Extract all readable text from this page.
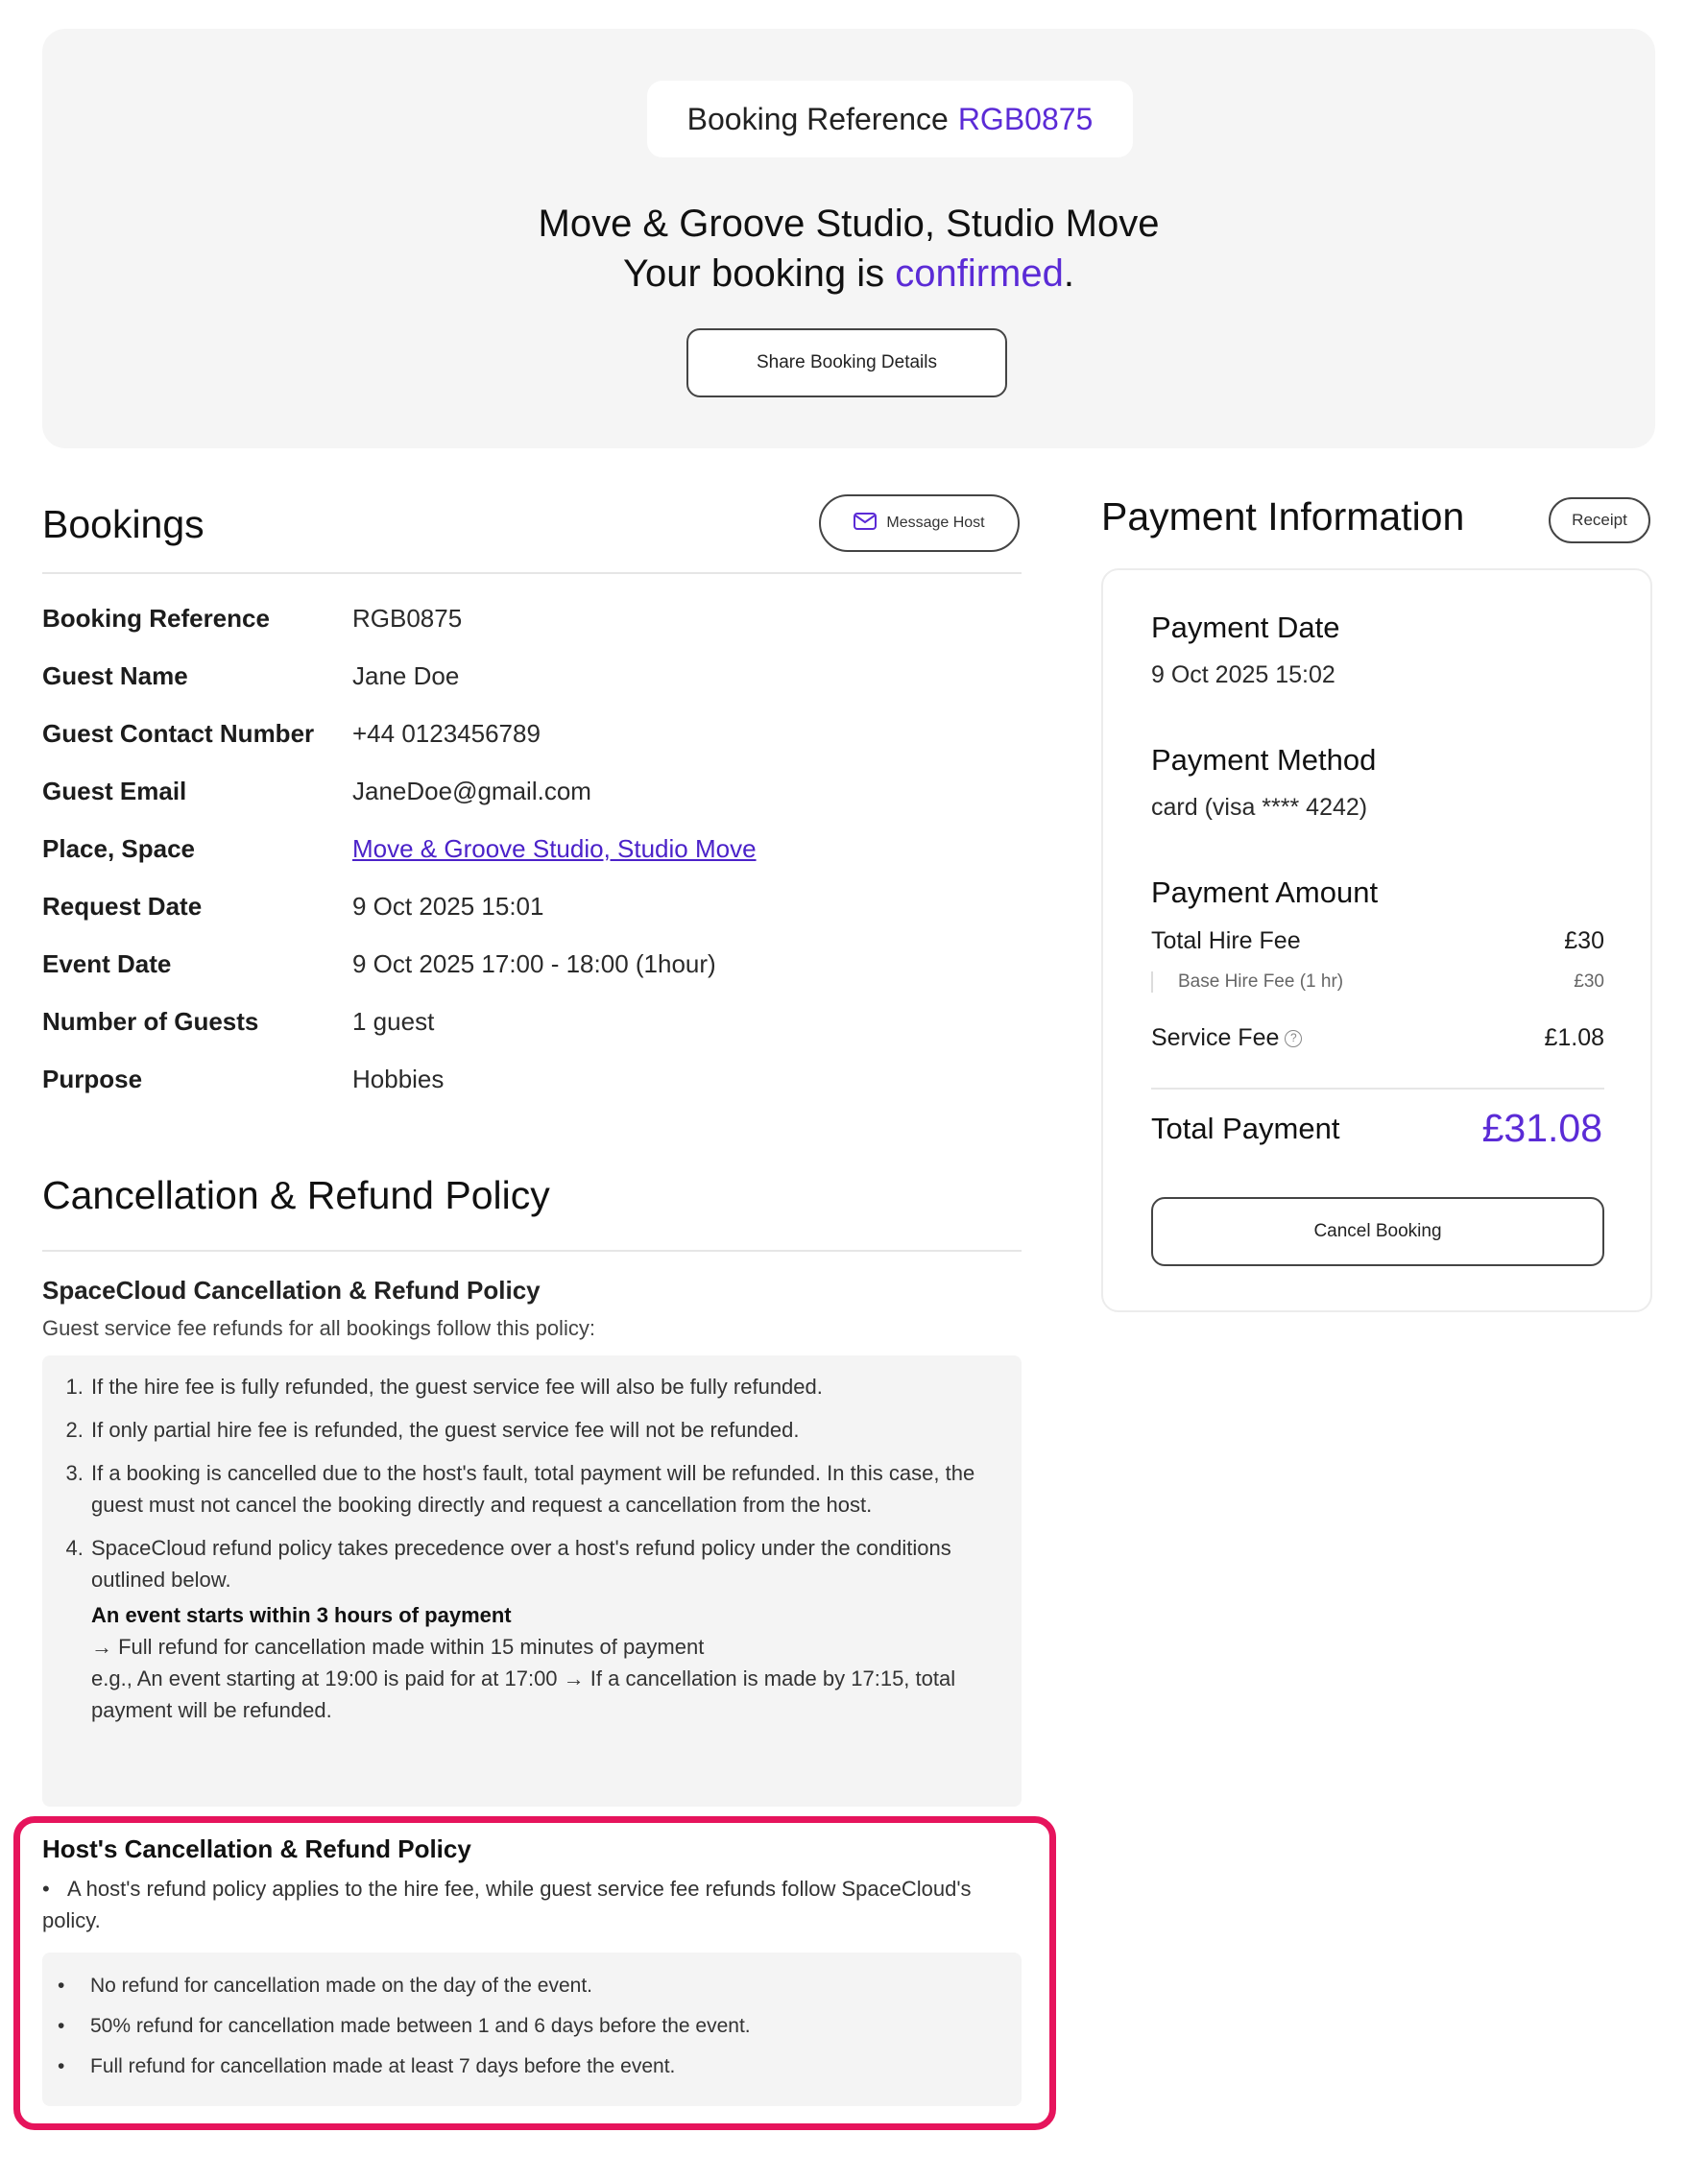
Booking Reference RGB0875
Move & Groove Studio, Studio Move
Your booking is confirmed.
Share Booking Details
Bookings	Message Host
Booking Reference	RGB0875
Guest Name	Jane Doe
Guest Contact Number +44 0123456789
Guest Email	JaneDoe@gmail.com
Place, Space	Move & Groove Studio, Studio Move
Request Date	9 Oct 2025 15:01
Event Date	9 Oct 2025 17:00 - 18:00 (1hour)
Number of Guests	1 guest
Purpose	Hobbies
Cancellation & Refund Policy
SpaceCloud Cancellation & Refund Policy
Guest service fee refunds for all bookings follow this policy:
1. If the hire fee is fully refunded, the guest service fee will also be fully refunded.
2. If only partial hire fee is refunded, the guest service fee will not be refunded.
3. If a booking is cancelled due to the host's fault, total payment will be refunded. In this case, the guest must not cancel the booking directly and request a cancellation from the host.
4. SpaceCloud refund policy takes precedence over a host's refund policy under the conditions outlined below.
An event starts within 3 hours of payment
→ Full refund for cancellation made within 15 minutes of payment
e.g., An event starting at 19:00 is paid for at 17:00 → If a cancellation is made by 17:15, total payment will be refunded.
Host's Cancellation & Refund Policy
•   A host's refund policy applies to the hire fee, while guest service fee refunds follow SpaceCloud's policy.
• No refund for cancellation made on the day of the event.
• 50% refund for cancellation made between 1 and 6 days before the event.
• Full refund for cancellation made at least 7 days before the event.
Payment Information	Receipt
Payment Date
9 Oct 2025 15:02
Payment Method
card (visa **** 4242)
Payment Amount
Total Hire Fee	£30
Base Hire Fee (1 hr)	£30
Service Fee ?	£1.08
Total Payment	£31.08
Cancel Booking
